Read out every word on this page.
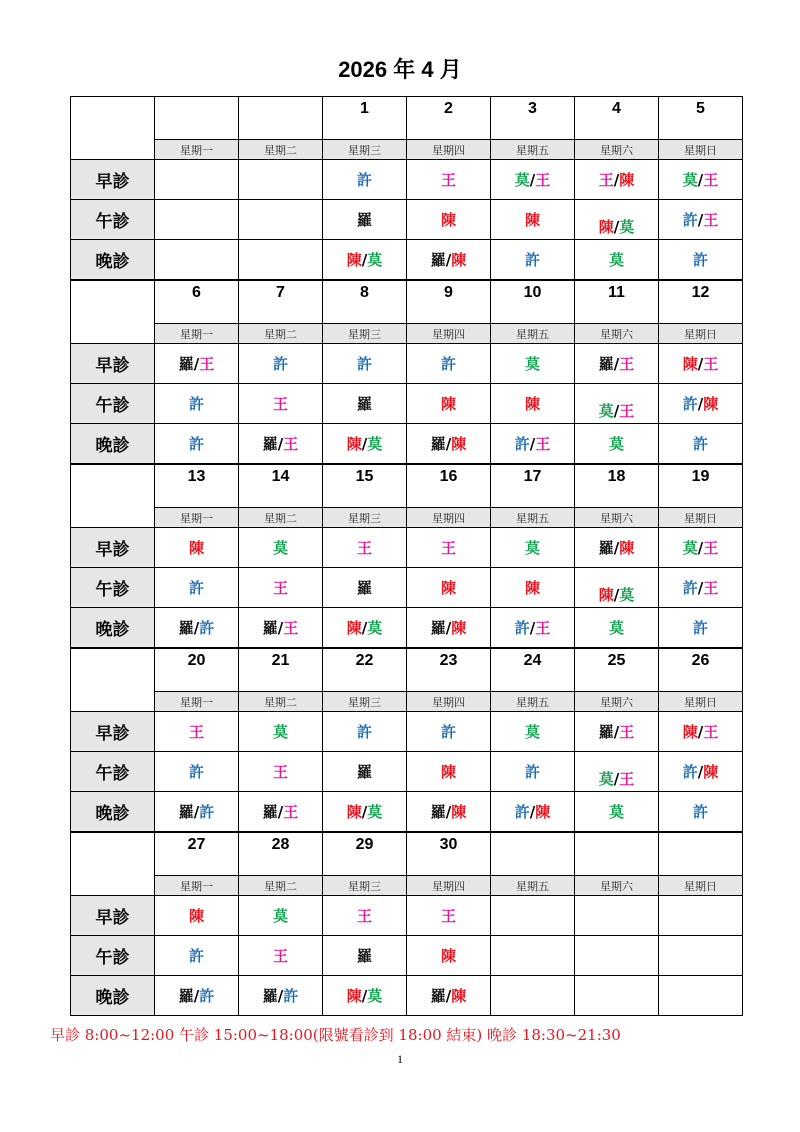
2026 年 4 月
			1	2	3	4	5
	星期一	星期二	星期三	星期四	星期五	星期六	星期日
早診			許	王	莫/王	王/陳	莫/王
午診			羅	陳	陳	陳/莫	許/王
晚診			陳/莫	羅/陳	許	莫	許
	6	7	8	9	10	11	12
	星期一	星期二	星期三	星期四	星期五	星期六	星期日
早診	羅/王	許	許	許	莫	羅/王	陳/王
午診	許	王	羅	陳	陳	莫/王	許/陳
晚診	許	羅/王	陳/莫	羅/陳	許/王	莫	許
	13	14	15	16	17	18	19
	星期一	星期二	星期三	星期四	星期五	星期六	星期日
早診	陳	莫	王	王	莫	羅/陳	莫/王
午診	許	王	羅	陳	陳	陳/莫	許/王
晚診	羅/許	羅/王	陳/莫	羅/陳	許/王	莫	許
	20	21	22	23	24	25	26
	星期一	星期二	星期三	星期四	星期五	星期六	星期日
早診	王	莫	許	許	莫	羅/王	陳/王
午診	許	王	羅	陳	許	莫/王	許/陳
晚診	羅/許	羅/王	陳/莫	羅/陳	許/陳	莫	許
	27	28	29	30			
	星期一	星期二	星期三	星期四	星期五	星期六	星期日
早診	陳	莫	王	王			
午診	許	王	羅	陳			
晚診	羅/許	羅/許	陳/莫	羅/陳			
早診 8:00~12:00 午診 15:00~18:00(限號看診到 18:00 結束) 晚診 18:30~21:30
1
